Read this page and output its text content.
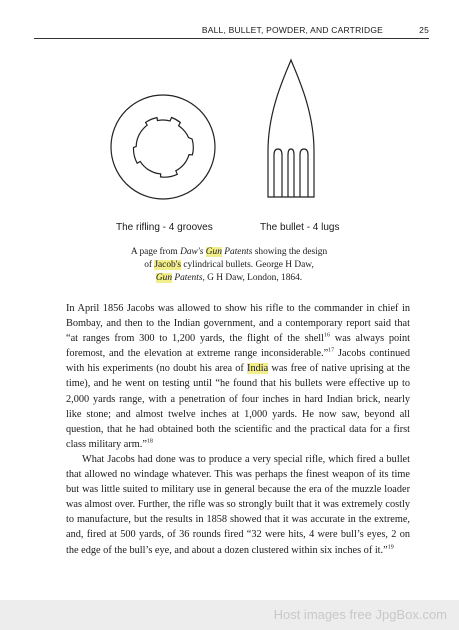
BALL, BULLET, POWDER, AND CARTRIDGE	25
The rifling - 4 grooves	The bullet - 4 lugs
A page from Daw's Gun Patents showing the design
of Jacob's cylindrical bullets. George H Daw,
Gun Patents, G H Daw, London, 1864.

In April 1856 Jacobs was allowed to show his rifle to the commander in chief in Bombay, and then to the Indian government, and a contemporary report said that “at ranges from 300 to 1,200 yards, the flight of the shell$^{16}$ was always point foremost, and the elevation at extreme range inconsiderable.”$^{17}$ Jacobs continued with his experiments (no doubt his area of India was free of native uprising at the time), and he went on testing until “he found that his bullets were effective up to 2,000 yards range, with a penetration of four inches in hard Indian brick, nearly like stone; and almost twelve inches at 1,000 yards. He now saw, beyond all question, that he had obtained both the scientific and the practical data for a first class military arm.”$^{18}$

What Jacobs had done was to produce a very special rifle, which fired a bullet that allowed no windage whatever. This was perhaps the finest weapon of its time but was little suited to military use in general because the era of the muzzle loader was almost over. Further, the rifle was so strongly built that it was extremely costly to manufacture, but the results in 1858 showed that it was accurate in the extreme, and, fired at 500 yards, of 36 rounds fired “32 were hits, 4 were bull’s eyes, 2 on the edge of the bull’s eye, and about a dozen clustered within six inches of it.”$^{19}$

Host images free JpgBox.com
